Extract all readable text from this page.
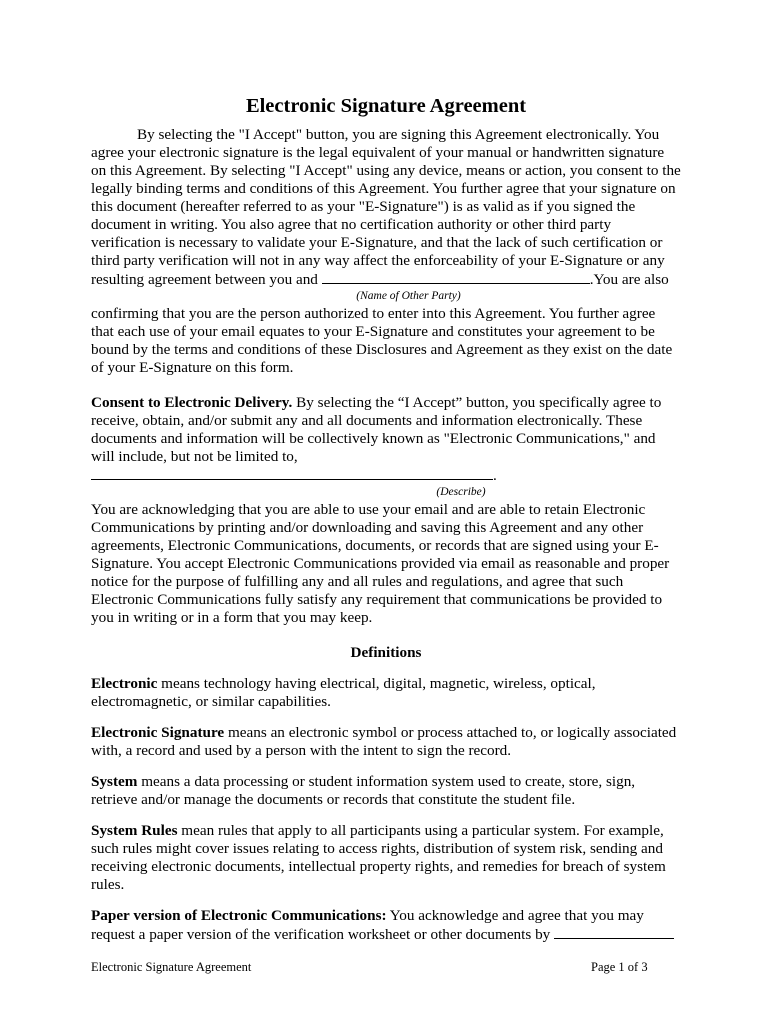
Electronic Signature Agreement

By selecting the "I Accept" button, you are signing this Agreement electronically. You agree your electronic signature is the legal equivalent of your manual or handwritten signature on this Agreement. By selecting "I Accept" using any device, means or action, you consent to the legally binding terms and conditions of this Agreement. You further agree that your signature on this document (hereafter referred to as your "E-Signature") is as valid as if you signed the document in writing. You also agree that no certification authority or other third party verification is necessary to validate your E-Signature, and that the lack of such certification or third party verification will not in any way affect the enforceability of your E-Signature or any resulting agreement between you and	.You are also

(Name of Other Party)

confirming that you are the person authorized to enter into this Agreement. You further agree that each use of your email equates to your E-Signature and constitutes your agreement to be bound by the terms and conditions of these Disclosures and Agreement as they exist on the date of your E-Signature on this form.

Consent to Electronic Delivery. By selecting the “I Accept” button, you specifically agree to receive, obtain, and/or submit any and all documents and information electronically. These documents and information will be collectively known as "Electronic Communications," and will include, but not be limited to, .

(Describe)

You are acknowledging that you are able to use your email and are able to retain Electronic Communications by printing and/or downloading and saving this Agreement and any other agreements, Electronic Communications, documents, or records that are signed using your E-Signature. You accept Electronic Communications provided via email as reasonable and proper notice for the purpose of fulfilling any and all rules and regulations, and agree that such Electronic Communications fully satisfy any requirement that communications be provided to you in writing or in a form that you may keep.

Definitions

Electronic means technology having electrical, digital, magnetic, wireless, optical, electromagnetic, or similar capabilities.

Electronic Signature means an electronic symbol or process attached to, or logically associated with, a record and used by a person with the intent to sign the record.

System means a data processing or student information system used to create, store, sign, retrieve and/or manage the documents or records that constitute the student file.

System Rules mean rules that apply to all participants using a particular system. For example, such rules might cover issues relating to access rights, distribution of system risk, sending and receiving electronic documents, intellectual property rights, and remedies for breach of system rules.

Paper version of Electronic Communications: You acknowledge and agree that you may request a paper version of the verification worksheet or other documents by

Electronic Signature Agreement	Page 1 of 3
